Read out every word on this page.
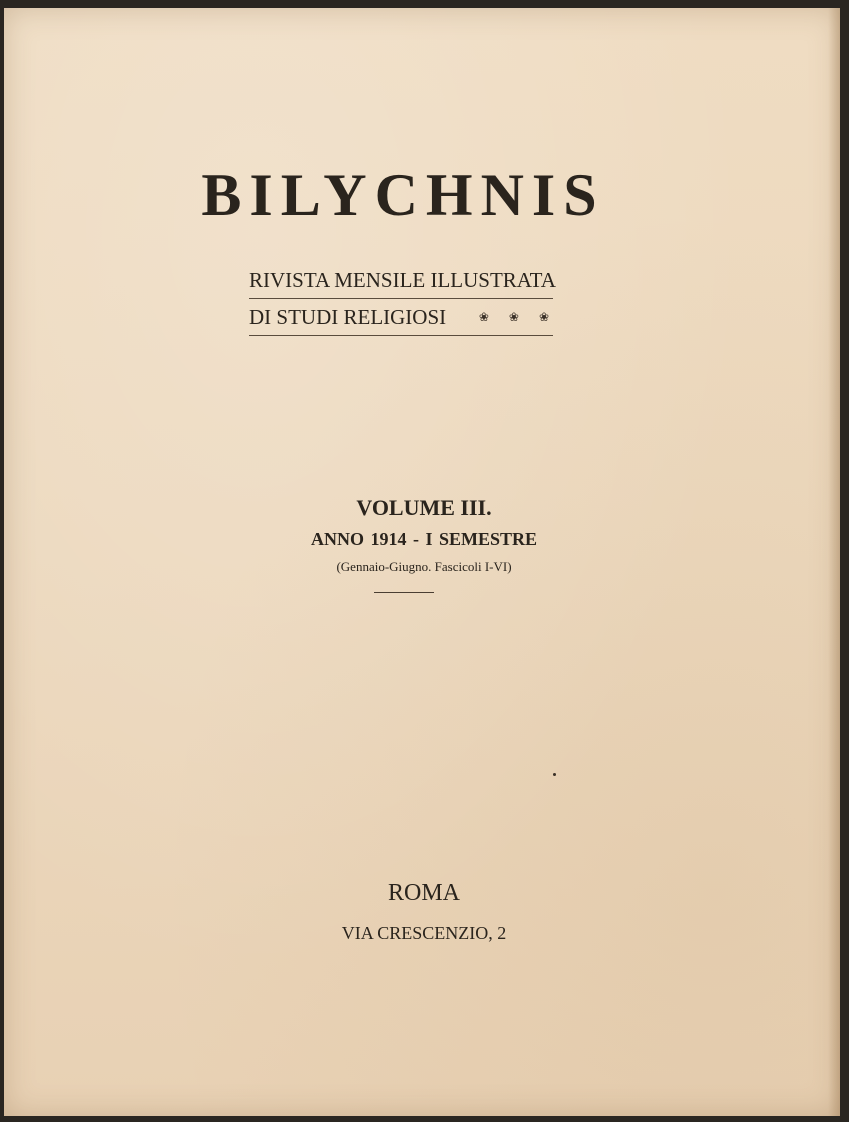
BILYCHNIS
RIVISTA MENSILE ILLUSTRATA
DI STUDI RELIGIOSI	❀ ❀ ❀
VOLUME III.
ANNO 1914 - I SEMESTRE
(Gennaio-Giugno. Fascicoli I-VI)
ROMA
VIA CRESCENZIO, 2
